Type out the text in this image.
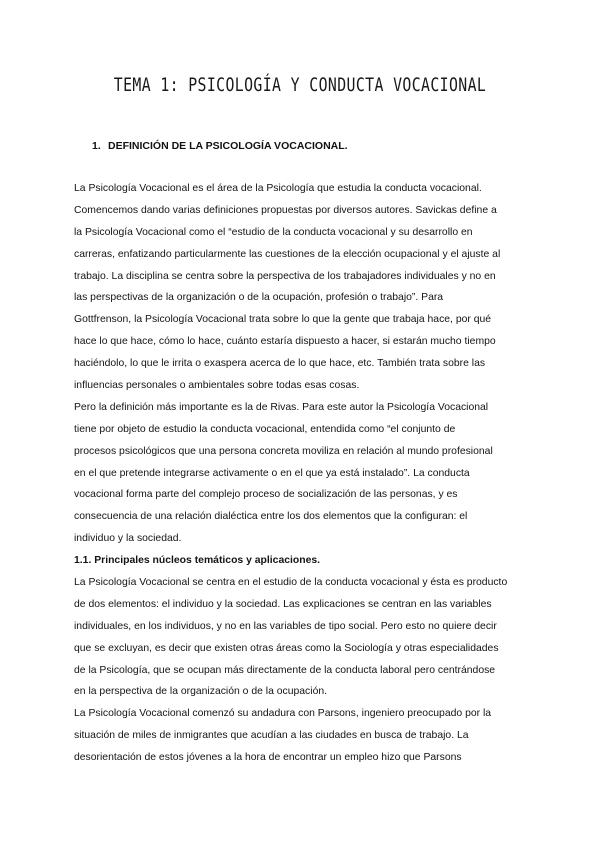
TEMA 1: PSICOLOGÍA Y CONDUCTA VOCACIONAL
1. DEFINICIÓN DE LA PSICOLOGÍA VOCACIONAL.
La Psicología Vocacional es el área de la Psicología que estudia la conducta vocacional.
Comencemos dando varias definiciones propuestas por diversos autores. Savickas define a
la Psicología Vocacional como el “estudio de la conducta vocacional y su desarrollo en
carreras, enfatizando particularmente las cuestiones de la elección ocupacional y el ajuste al
trabajo. La disciplina se centra sobre la perspectiva de los trabajadores individuales y no en
las perspectivas de la organización o de la ocupación, profesión o trabajo”. Para
Gottfrenson, la Psicología Vocacional trata sobre lo que la gente que trabaja hace, por qué
hace lo que hace, cómo lo hace, cuánto estaría dispuesto a hacer, si estarán mucho tiempo
haciéndolo, lo que le irrita o exaspera acerca de lo que hace, etc. También trata sobre las
influencias personales o ambientales sobre todas esas cosas.
Pero la definición más importante es la de Rivas. Para este autor la Psicología Vocacional
tiene por objeto de estudio la conducta vocacional, entendida como “el conjunto de
procesos psicológicos que una persona concreta moviliza en relación al mundo profesional
en el que pretende integrarse activamente o en el que ya está instalado”. La conducta
vocacional forma parte del complejo proceso de socialización de las personas, y es
consecuencia de una relación dialéctica entre los dos elementos que la configuran: el
individuo y la sociedad.
1.1. Principales núcleos temáticos y aplicaciones.
La Psicología Vocacional se centra en el estudio de la conducta vocacional y ésta es producto
de dos elementos: el individuo y la sociedad. Las explicaciones se centran en las variables
individuales, en los individuos, y no en las variables de tipo social. Pero esto no quiere decir
que se excluyan, es decir que existen otras áreas como la Sociología y otras especialidades
de la Psicología, que se ocupan más directamente de la conducta laboral pero centrándose
en la perspectiva de la organización o de la ocupación.
La Psicología Vocacional comenzó su andadura con Parsons, ingeniero preocupado por la
situación de miles de inmigrantes que acudían a las ciudades en busca de trabajo. La
desorientación de estos jóvenes a la hora de encontrar un empleo hizo que Parsons
